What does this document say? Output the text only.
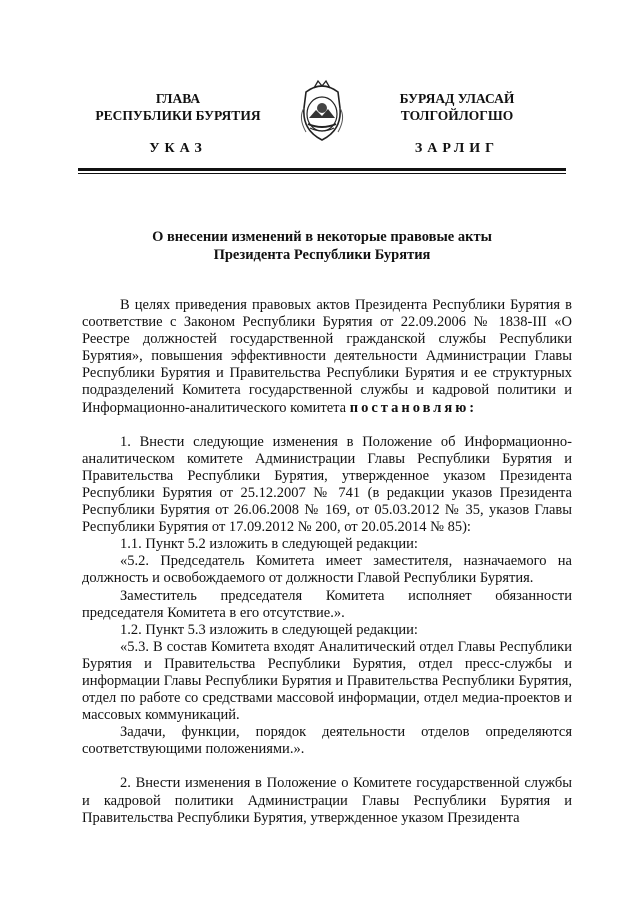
ГЛАВА
РЕСПУБЛИКИ БУРЯТИЯ
БУРЯАД УЛАСАЙ
ТОЛГОЙЛОГШО
УКАЗ	ЗАРЛИГ
О внесении изменений в некоторые правовые акты
Президента Республики Бурятия

В целях приведения правовых актов Президента Республики Бурятия в соответствие с Законом Республики Бурятия от 22.09.2006 № 1838-III «О Реестре должностей государственной гражданской службы Республики Бурятия», повышения эффективности деятельности Администрации Главы Республики Бурятия и Правительства Республики Бурятия и ее структурных подразделений Комитета государственной службы и кадровой политики и Информационно-аналитического комитета постановляю:

1. Внести следующие изменения в Положение об Информационно-аналитическом комитете Администрации Главы Республики Бурятия и Правительства Республики Бурятия, утвержденное указом Президента Республики Бурятия от 25.12.2007 № 741 (в редакции указов Президента Республики Бурятия от 26.06.2008 № 169, от 05.03.2012 № 35, указов Главы Республики Бурятия от 17.09.2012 № 200, от 20.05.2014 № 85):

1.1. Пункт 5.2 изложить в следующей редакции:

«5.2. Председатель Комитета имеет заместителя, назначаемого на должность и освобождаемого от должности Главой Республики Бурятия.

Заместитель председателя Комитета исполняет обязанности председателя Комитета в его отсутствие.».

1.2. Пункт 5.3 изложить в следующей редакции:

«5.3. В состав Комитета входят Аналитический отдел Главы Республики Бурятия и Правительства Республики Бурятия, отдел пресс-службы и информации Главы Республики Бурятия и Правительства Республики Бурятия, отдел по работе со средствами массовой информации, отдел медиа-проектов и массовых коммуникаций.

Задачи, функции, порядок деятельности отделов определяются соответствующими положениями.».

2. Внести изменения в Положение о Комитете государственной службы и кадровой политики Администрации Главы Республики Бурятия и Правительства Республики Бурятия, утвержденное указом Президента
